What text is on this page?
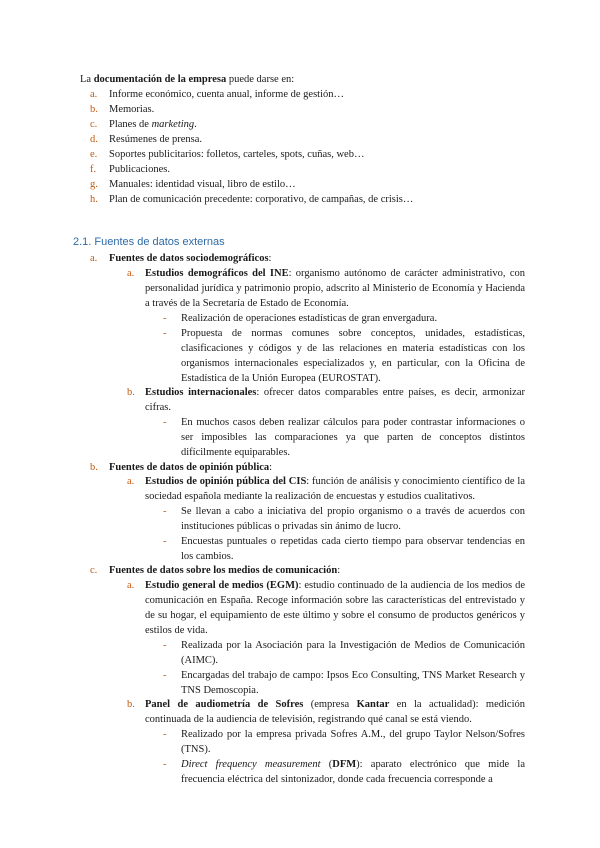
La documentación de la empresa puede darse en:

a. Informe económico, cuenta anual, informe de gestión…
b. Memorias.
c. Planes de marketing.
d. Resúmenes de prensa.
e. Soportes publicitarios: folletos, carteles, spots, cuñas, web…
f. Publicaciones.
g. Manuales: identidad visual, libro de estilo…
h. Plan de comunicación precedente: corporativo, de campañas, de crisis…
2.1. Fuentes de datos externas
a. Fuentes de datos sociodemográficos:
a. Estudios demográficos del INE: organismo autónomo de carácter administrativo, con personalidad jurídica y patrimonio propio, adscrito al Ministerio de Economía y Hacienda a través de la Secretaría de Estado de Economía.

- Realización de operaciones estadísticas de gran envergadura.

- Propuesta de normas comunes sobre conceptos, unidades, estadísticas, clasificaciones y códigos y de las relaciones en materia estadísticas con los organismos internacionales especializados y, en particular, con la Oficina de Estadística de la Unión Europea (EUROSTAT).

b. Estudios internacionales: ofrecer datos comparables entre países, es decir, armonizar cifras.

- En muchos casos deben realizar cálculos para poder contrastar informaciones o ser imposibles las comparaciones ya que parten de conceptos distintos difícilmente equiparables.

b. Fuentes de datos de opinión pública:
a. Estudios de opinión pública del CIS: función de análisis y conocimiento científico de la sociedad española mediante la realización de encuestas y estudios cualitativos.

- Se llevan a cabo a iniciativa del propio organismo o a través de acuerdos con instituciones públicas o privadas sin ánimo de lucro.

- Encuestas puntuales o repetidas cada cierto tiempo para observar tendencias en los cambios.

c. Fuentes de datos sobre los medios de comunicación:
a. Estudio general de medios (EGM): estudio continuado de la audiencia de los medios de comunicación en España. Recoge información sobre las características del entrevistado y de su hogar, el equipamiento de este último y sobre el consumo de productos genéricos y estilos de vida.

- Realizada por la Asociación para la Investigación de Medios de Comunicación (AIMC).

- Encargadas del trabajo de campo: Ipsos Eco Consulting, TNS Market Research y TNS Demoscopia.

b. Panel de audiometría de Sofres (empresa Kantar en la actualidad): medición continuada de la audiencia de televisión, registrando qué canal se está viendo.

- Realizado por la empresa privada Sofres A.M., del grupo Taylor Nelson/Sofres (TNS).

- Direct frequency measurement (DFM): aparato electrónico que mide la frecuencia eléctrica del sintonizador, donde cada frecuencia corresponde a
